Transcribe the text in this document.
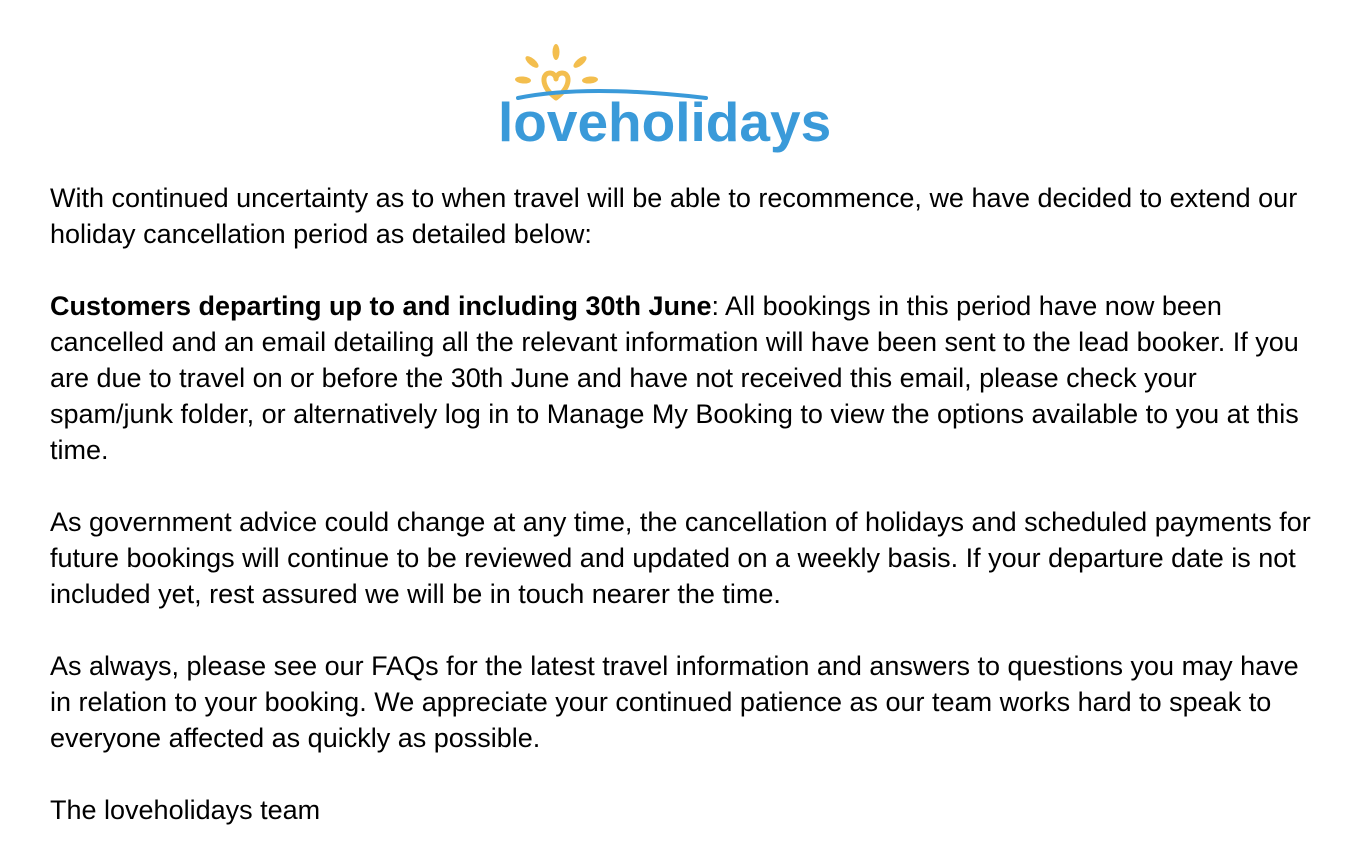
loveholidays

With continued uncertainty as to when travel will be able to recommence, we have decided to extend our holiday cancellation period as detailed below:

Customers departing up to and including 30th June: All bookings in this period have now been cancelled and an email detailing all the relevant information will have been sent to the lead booker. If you are due to travel on or before the 30th June and have not received this email, please check your spam/junk folder, or alternatively log in to Manage My Booking to view the options available to you at this time.

As government advice could change at any time, the cancellation of holidays and scheduled payments for future bookings will continue to be reviewed and updated on a weekly basis. If your departure date is not included yet, rest assured we will be in touch nearer the time.

As always, please see our FAQs for the latest travel information and answers to questions you may have in relation to your booking. We appreciate your continued patience as our team works hard to speak to everyone affected as quickly as possible.

The loveholidays team
